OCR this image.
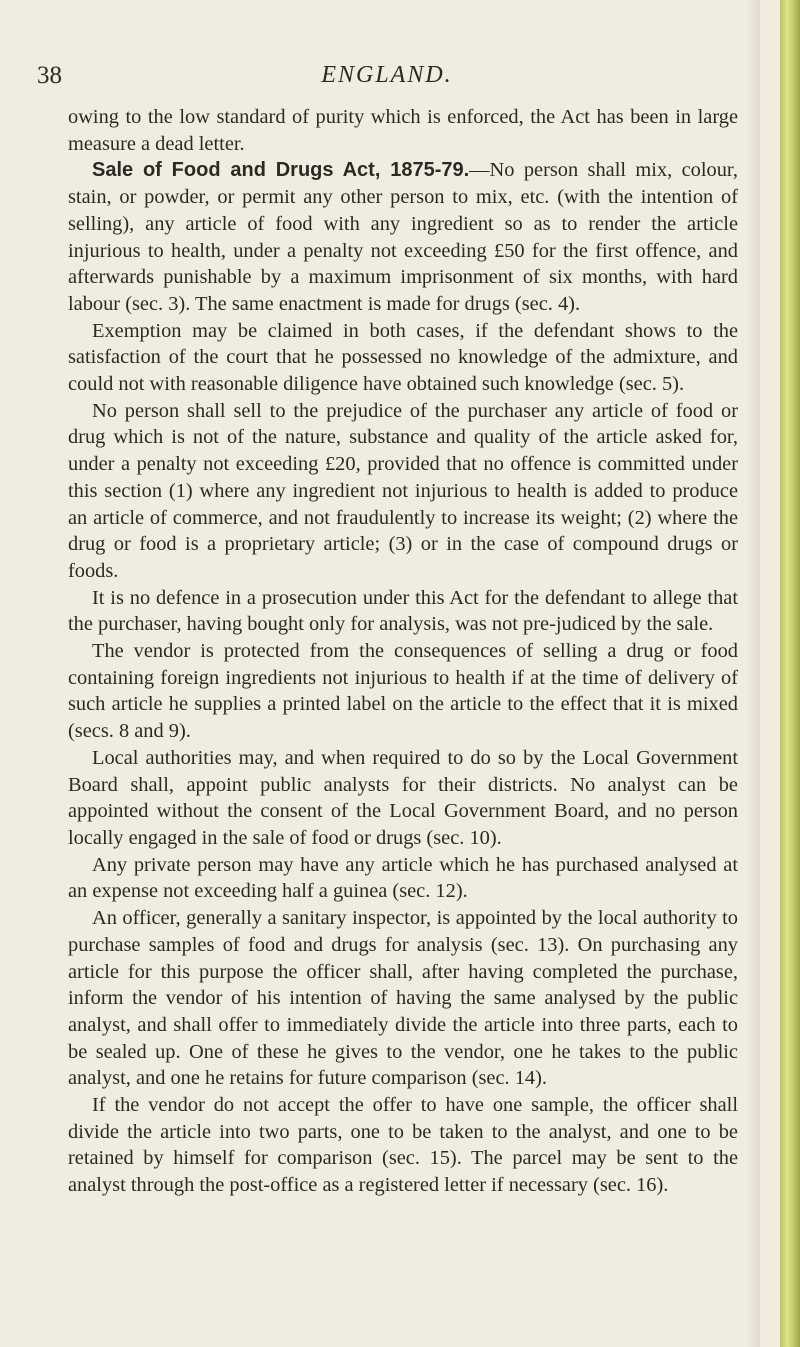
38	ENGLAND.

owing to the low standard of purity which is enforced, the Act has been in large measure a dead letter.

Sale of Food and Drugs Act, 1875-79.—No person shall mix, colour, stain, or powder, or permit any other person to mix, etc. (with the intention of selling), any article of food with any ingredient so as to render the article injurious to health, under a penalty not exceeding £50 for the first offence, and afterwards punishable by a maximum imprisonment of six months, with hard labour (sec. 3). The same enactment is made for drugs (sec. 4).

Exemption may be claimed in both cases, if the defendant shows to the satisfaction of the court that he possessed no knowledge of the admixture, and could not with reasonable diligence have obtained such knowledge (sec. 5).

No person shall sell to the prejudice of the purchaser any article of food or drug which is not of the nature, substance and quality of the article asked for, under a penalty not exceeding £20, provided that no offence is committed under this section (1) where any ingredient not injurious to health is added to produce an article of commerce, and not fraudulently to increase its weight; (2) where the drug or food is a proprietary article; (3) or in the case of compound drugs or foods.

It is no defence in a prosecution under this Act for the defendant to allege that the purchaser, having bought only for analysis, was not pre-judiced by the sale.

The vendor is protected from the consequences of selling a drug or food containing foreign ingredients not injurious to health if at the time of delivery of such article he supplies a printed label on the article to the effect that it is mixed (secs. 8 and 9).

Local authorities may, and when required to do so by the Local Government Board shall, appoint public analysts for their districts. No analyst can be appointed without the consent of the Local Government Board, and no person locally engaged in the sale of food or drugs (sec. 10).

Any private person may have any article which he has purchased analysed at an expense not exceeding half a guinea (sec. 12).

An officer, generally a sanitary inspector, is appointed by the local authority to purchase samples of food and drugs for analysis (sec. 13). On purchasing any article for this purpose the officer shall, after having completed the purchase, inform the vendor of his intention of having the same analysed by the public analyst, and shall offer to immediately divide the article into three parts, each to be sealed up. One of these he gives to the vendor, one he takes to the public analyst, and one he retains for future comparison (sec. 14).

If the vendor do not accept the offer to have one sample, the officer shall divide the article into two parts, one to be taken to the analyst, and one to be retained by himself for comparison (sec. 15). The parcel may be sent to the analyst through the post-office as a registered letter if necessary (sec. 16).
